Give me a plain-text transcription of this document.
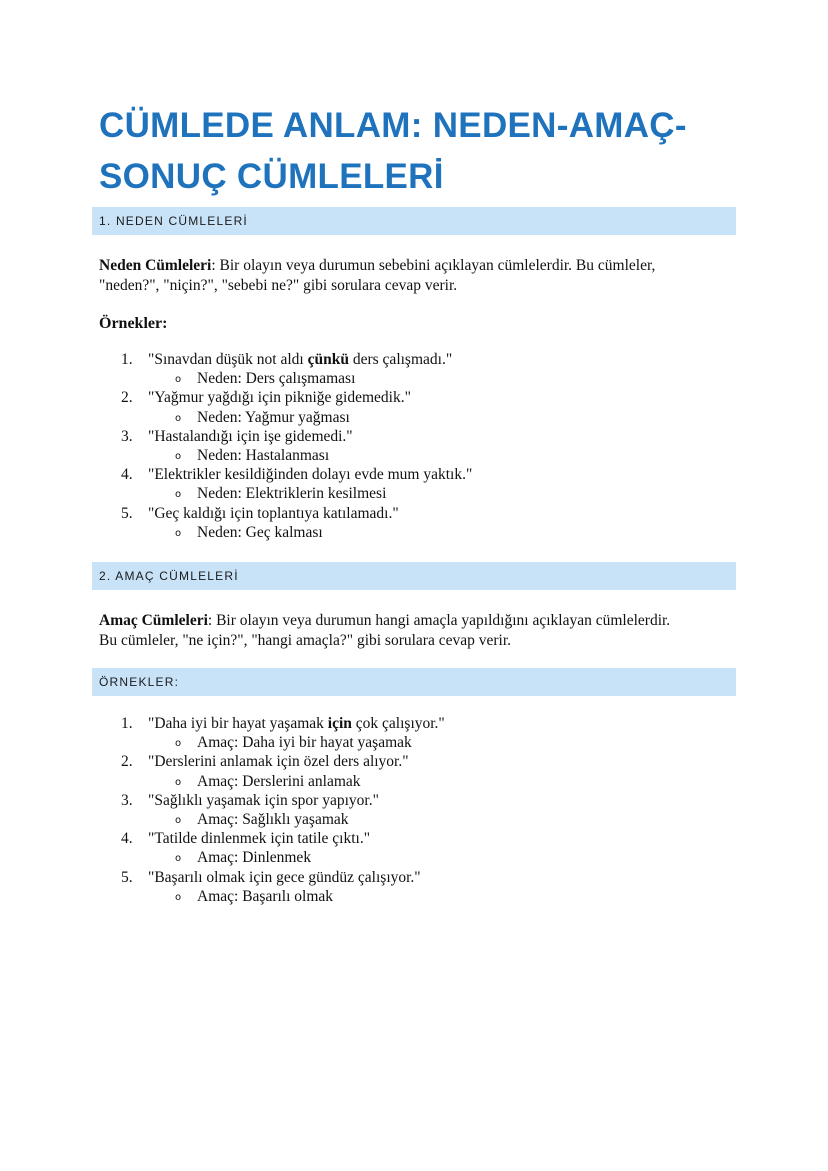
CÜMLEDE ANLAM: NEDEN-AMAÇ-
SONUÇ CÜMLELERİ
1. NEDEN CÜMLELERİ

Neden Cümleleri: Bir olayın veya durumun sebebini açıklayan cümlelerdir. Bu cümleler,
"neden?", "niçin?", "sebebi ne?" gibi sorulara cevap verir.

Örnekler:
1. "Sınavdan düşük not aldı çünkü ders çalışmadı."
o Neden: Ders çalışmaması
2. "Yağmur yağdığı için pikniğe gidemedik."
o Neden: Yağmur yağması
3. "Hastalandığı için işe gidemedi."
o Neden: Hastalanması
4. "Elektrikler kesildiğinden dolayı evde mum yaktık."
o Neden: Elektriklerin kesilmesi
5. "Geç kaldığı için toplantıya katılamadı."
o Neden: Geç kalması
2. AMAÇ CÜMLELERİ

Amaç Cümleleri: Bir olayın veya durumun hangi amaçla yapıldığını açıklayan cümlelerdir.
Bu cümleler, "ne için?", "hangi amaçla?" gibi sorulara cevap verir.

ÖRNEKLER:
1. "Daha iyi bir hayat yaşamak için çok çalışıyor."
o Amaç: Daha iyi bir hayat yaşamak
2. "Derslerini anlamak için özel ders alıyor."
o Amaç: Derslerini anlamak
3. "Sağlıklı yaşamak için spor yapıyor."
o Amaç: Sağlıklı yaşamak
4. "Tatilde dinlenmek için tatile çıktı."
o Amaç: Dinlenmek
5. "Başarılı olmak için gece gündüz çalışıyor."
o Amaç: Başarılı olmak
